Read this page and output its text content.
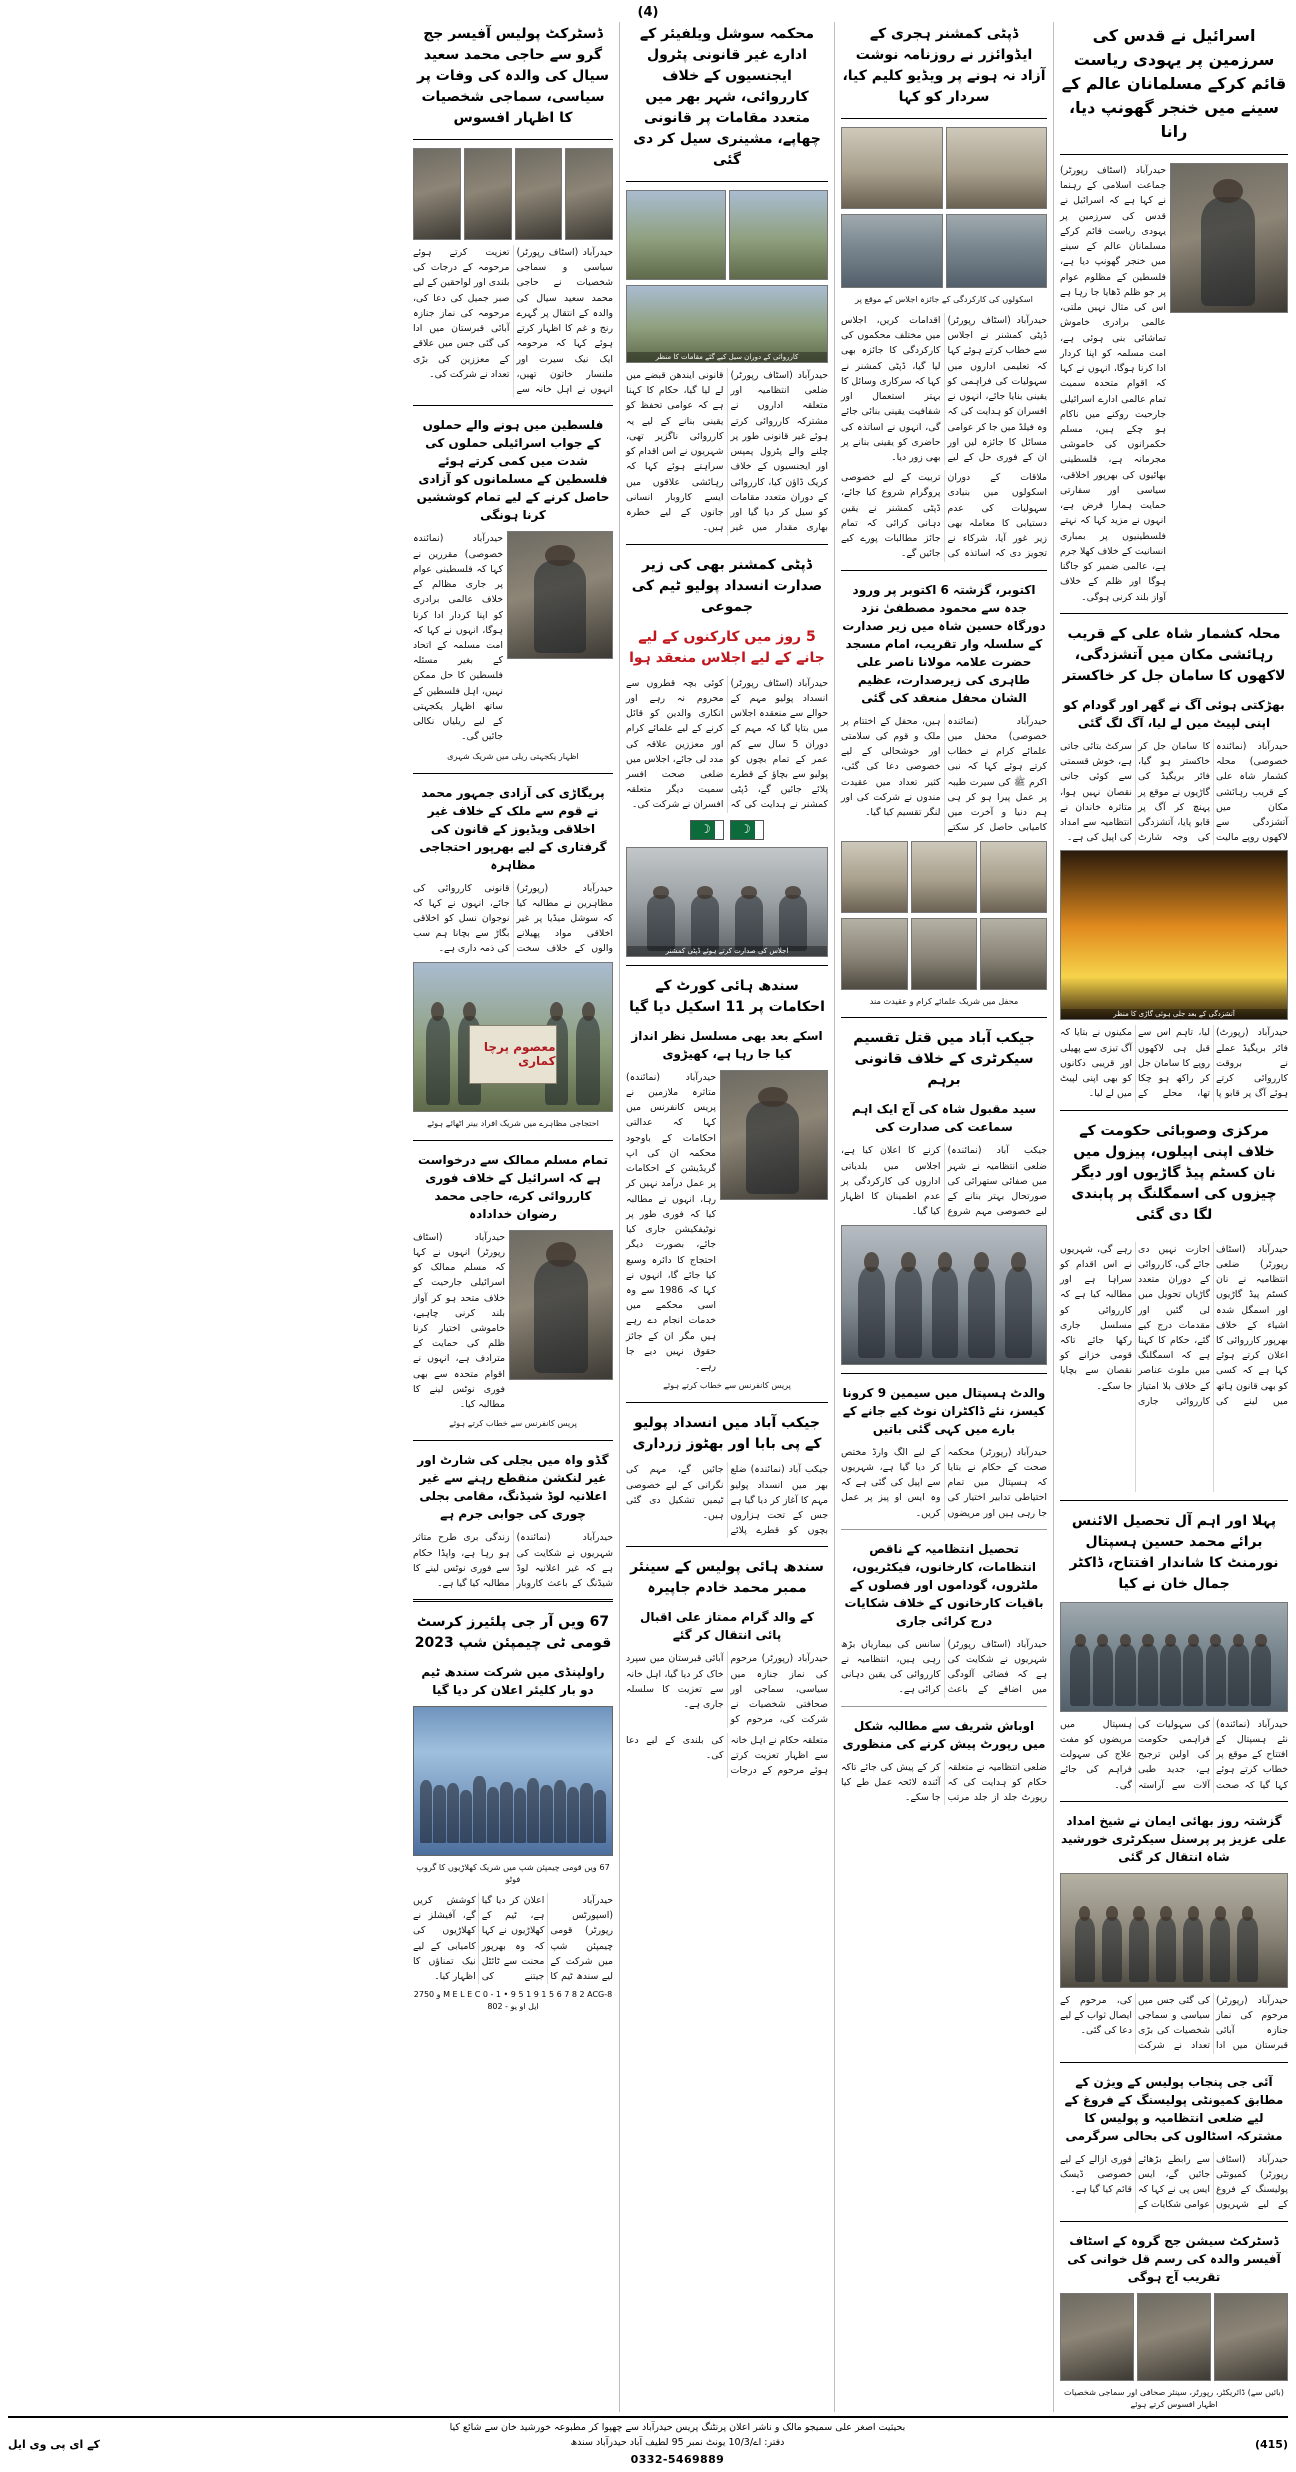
(4)
اسرائیل نے قدس کی سرزمین پر یہودی ریاست قائم کرکے مسلمانان عالم کے سینے میں خنجر گھونپ دیا، رانا
حیدرآباد (اسٹاف رپورٹر) جماعت اسلامی کے رہنما نے کہا ہے کہ اسرائیل نے قدس کی سرزمین پر یہودی ریاست قائم کرکے مسلمانان عالم کے سینے میں خنجر گھونپ دیا ہے، فلسطین کے مظلوم عوام پر جو ظلم ڈھایا جا رہا ہے اس کی مثال نہیں ملتی، عالمی برادری خاموش تماشائی بنی ہوئی ہے، امت مسلمہ کو اپنا کردار ادا کرنا ہوگا، انہوں نے کہا کہ اقوام متحدہ سمیت تمام عالمی ادارے اسرائیلی جارحیت روکنے میں ناکام ہو چکے ہیں، مسلم حکمرانوں کی خاموشی مجرمانہ ہے، فلسطینی بھائیوں کی بھرپور اخلاقی، سیاسی اور سفارتی حمایت ہمارا فرض ہے، انہوں نے مزید کہا کہ نہتے فلسطینیوں پر بمباری انسانیت کے خلاف کھلا جرم ہے، عالمی ضمیر کو جاگنا ہوگا اور ظلم کے خلاف آواز بلند کرنی ہوگی۔
محلہ کشمار شاہ علی کے قریب رہائشی مکان میں آتشزدگی، لاکھوں کا سامان جل کر خاکستر
بھڑکتی ہوئی آگ نے گھر اور گودام کو اپنی لپیٹ میں لے لیا، آگ لگ گئی
حیدرآباد (نمائندہ خصوصی) محلہ کشمار شاہ علی کے قریب رہائشی مکان میں آتشزدگی سے لاکھوں روپے مالیت کا سامان جل کر خاکستر ہو گیا، فائر بریگیڈ کی گاڑیوں نے موقع پر پہنچ کر آگ پر قابو پایا، آتشزدگی کی وجہ شارٹ سرکٹ بتائی جاتی ہے، خوش قسمتی سے کوئی جانی نقصان نہیں ہوا، متاثرہ خاندان نے انتظامیہ سے امداد کی اپیل کی ہے۔
آتشزدگی کے بعد جلی ہوئی گاڑی کا منظر
حیدرآباد (رپورٹ) فائر بریگیڈ عملے نے بروقت کارروائی کرتے ہوئے آگ پر قابو پا لیا، تاہم اس سے قبل ہی لاکھوں روپے کا سامان جل کر راکھ ہو چکا تھا، محلے کے مکینوں نے بتایا کہ آگ تیزی سے پھیلی اور قریبی دکانوں کو بھی اپنی لپیٹ میں لے لیا۔
مرکزی وصوبائی حکومت کے خلاف اپنی اپیلوں، پیزول میں نان کسٹم پیڈ گاڑیوں اور دیگر چیزوں کی اسمگلنگ پر پابندی لگا دی گئی
حیدرآباد (اسٹاف رپورٹر) ضلعی انتظامیہ نے نان کسٹم پیڈ گاڑیوں اور اسمگل شدہ اشیاء کے خلاف بھرپور کارروائی کا اعلان کرتے ہوئے کہا ہے کہ کسی کو بھی قانون ہاتھ میں لینے کی اجازت نہیں دی جائے گی، کارروائی کے دوران متعدد گاڑیاں تحویل میں لی گئیں اور مقدمات درج کیے گئے، حکام کا کہنا ہے کہ اسمگلنگ میں ملوث عناصر کے خلاف بلا امتیاز کارروائی جاری رہے گی، شہریوں نے اس اقدام کو سراہا ہے اور مطالبہ کیا ہے کہ کارروائی کو مسلسل جاری رکھا جائے تاکہ قومی خزانے کو نقصان سے بچایا جا سکے۔
پہلا اور اہم آل تحصیل الائنس برائے محمد حسین ہسپتال نورمنٹ کا شاندار افتتاح، ڈاکٹر جمال خان نے کیا
حیدرآباد (نمائندہ) نئے ہسپتال کے افتتاح کے موقع پر خطاب کرتے ہوئے کہا گیا کہ صحت کی سہولیات کی فراہمی حکومت کی اولین ترجیح ہے، جدید طبی آلات سے آراستہ ہسپتال میں مریضوں کو مفت علاج کی سہولت فراہم کی جائے گی۔
گزشتہ روز بھائی ایمان نے شیخ امداد علی عزیز پر پرسنل سیکرٹری خورشید شاہ انتقال کر گئی
حیدرآباد (رپورٹر) مرحوم کی نماز جنازہ آبائی قبرستان میں ادا کی گئی جس میں سیاسی و سماجی شخصیات کی بڑی تعداد نے شرکت کی، مرحوم کے ایصال ثواب کے لیے دعا کی گئی۔
آئی جی پنجاب پولیس کے ویژن کے مطابق کمیونٹی پولیسنگ کے فروغ کے لیے ضلعی انتظامیہ و پولیس کا مشترکہ اسٹالوں کی بحالی سرگرمی
حیدرآباد (اسٹاف رپورٹر) کمیونٹی پولیسنگ کے فروغ کے لیے شہریوں سے رابطے بڑھائے جائیں گے، ایس ایس پی نے کہا کہ عوامی شکایات کے فوری ازالے کے لیے خصوصی ڈیسک قائم کیا گیا ہے۔
ڈسٹرکٹ سیشن جج گروہ کے اسٹاف آفیسر والدہ کی رسم قل خوانی کی تقریب آج ہوگی
(بائیں سے) ڈائریکٹر، رپورٹر، سینئر صحافی اور سماجی شخصیات اظہار افسوس کرتے ہوئے
ڈپٹی کمشنر ہجری کے ایڈوائزر نے روزنامہ نوشت آزاد نہ ہونے پر ویڈیو کلیم کیا، سردار کو کہا
اسکولوں کی کارکردگی کے جائزہ اجلاس کے موقع پر
حیدرآباد (اسٹاف رپورٹر) ڈپٹی کمشنر نے اجلاس سے خطاب کرتے ہوئے کہا کہ تعلیمی اداروں میں سہولیات کی فراہمی کو یقینی بنایا جائے، انہوں نے افسران کو ہدایت کی کہ وہ فیلڈ میں جا کر عوامی مسائل کا جائزہ لیں اور ان کے فوری حل کے لیے اقدامات کریں، اجلاس میں مختلف محکموں کی کارکردگی کا جائزہ بھی لیا گیا، ڈپٹی کمشنر نے کہا کہ سرکاری وسائل کا بہتر استعمال اور شفافیت یقینی بنائی جائے گی، انہوں نے اساتذہ کی حاضری کو یقینی بنانے پر بھی زور دیا۔
ملاقات کے دوران اسکولوں میں بنیادی سہولیات کی عدم دستیابی کا معاملہ بھی زیر غور آیا، شرکاء نے تجویز دی کہ اساتذہ کی تربیت کے لیے خصوصی پروگرام شروع کیا جائے، ڈپٹی کمشنر نے یقین دہانی کرائی کہ تمام جائز مطالبات پورے کیے جائیں گے۔
اکتوبر، گزشتہ 6 اکتوبر پر ورود جدہ سے محمود مصطفیٰ نزد دورگاہ حسین شاہ میں زیر صدارت کے سلسلہ وار تقریب، امام مسجد حضرت علامہ مولانا ناصر علی طاہری کی زیرصدارت، عظیم الشان محفل منعقد کی گئی
حیدرآباد (نمائندہ خصوصی) محفل میں علمائے کرام نے خطاب کرتے ہوئے کہا کہ نبی اکرم ﷺ کی سیرت طیبہ پر عمل پیرا ہو کر ہی ہم دنیا و آخرت میں کامیابی حاصل کر سکتے ہیں، محفل کے اختتام پر ملک و قوم کی سلامتی اور خوشحالی کے لیے خصوصی دعا کی گئی، کثیر تعداد میں عقیدت مندوں نے شرکت کی اور لنگر تقسیم کیا گیا۔
محفل میں شریک علمائے کرام و عقیدت مند
جیکب آباد میں قتل تقسیم سیکرٹری کے خلاف قانونی برہم
سید مقبول شاہ کی آج ایک اہم سماعت کی صدارت کی
جیکب آباد (نمائندہ) ضلعی انتظامیہ نے شہر میں صفائی ستھرائی کی صورتحال بہتر بنانے کے لیے خصوصی مہم شروع کرنے کا اعلان کیا ہے، اجلاس میں بلدیاتی اداروں کی کارکردگی پر عدم اطمینان کا اظہار کیا گیا۔
والدٹ ہسپتال میں سیمین 9 کرونا کیسز، نئے ڈاکٹران نوٹ کیے جانے کے بارے میں کہی گئی باتیں
حیدرآباد (رپورٹر) محکمہ صحت کے حکام نے بتایا کہ ہسپتال میں تمام احتیاطی تدابیر اختیار کی جا رہی ہیں اور مریضوں کے لیے الگ وارڈ مختص کر دیا گیا ہے، شہریوں سے اپیل کی گئی ہے کہ وہ ایس او پیز پر عمل کریں۔
تحصیل انتظامیہ کے ناقص انتظامات، کارخانوں، فیکٹریوں، ملٹروں، گوداموں اور فصلوں کے باقیات کارخانوں کے خلاف شکایات درج کرائی جاری
حیدرآباد (اسٹاف رپورٹر) شہریوں نے شکایت کی ہے کہ فضائی آلودگی میں اضافے کے باعث سانس کی بیماریاں بڑھ رہی ہیں، انتظامیہ نے کارروائی کی یقین دہانی کرائی ہے۔
اوباش شریف سے مطالبہ شکل میں رپورٹ پیش کرنے کی منظوری
ضلعی انتظامیہ نے متعلقہ حکام کو ہدایت کی کہ رپورٹ جلد از جلد مرتب کر کے پیش کی جائے تاکہ آئندہ لائحہ عمل طے کیا جا سکے۔
محکمہ سوشل ویلفیئر کے ادارے غیر قانونی پٹرول ایجنسیوں کے خلاف کارروائی، شہر بھر میں متعدد مقامات پر قانونی چھاپے، مشینری سیل کر دی گئی
کارروائی کے دوران سیل کیے گئے مقامات کا منظر
حیدرآباد (اسٹاف رپورٹر) ضلعی انتظامیہ اور متعلقہ اداروں نے مشترکہ کارروائی کرتے ہوئے غیر قانونی طور پر چلنے والے پٹرول پمپس اور ایجنسیوں کے خلاف کریک ڈاؤن کیا، کارروائی کے دوران متعدد مقامات کو سیل کر دیا گیا اور بھاری مقدار میں غیر قانونی ایندھن قبضے میں لے لیا گیا، حکام کا کہنا ہے کہ عوامی تحفظ کو یقینی بنانے کے لیے یہ کارروائی ناگزیر تھی، شہریوں نے اس اقدام کو سراہتے ہوئے کہا کہ رہائشی علاقوں میں ایسے کاروبار انسانی جانوں کے لیے خطرہ ہیں۔
ڈپٹی کمشنر بھی کی زیر صدارت انسداد پولیو ٹیم کی جموعی
5 روز میں کارکنوں کے لیے جانے کے لیے اجلاس منعقد ہوا
حیدرآباد (اسٹاف رپورٹر) انسداد پولیو مہم کے حوالے سے منعقدہ اجلاس میں بتایا گیا کہ مہم کے دوران 5 سال سے کم عمر کے تمام بچوں کو پولیو سے بچاؤ کے قطرے پلائے جائیں گے، ڈپٹی کمشنر نے ہدایت کی کہ کوئی بچہ قطروں سے محروم نہ رہے اور انکاری والدین کو قائل کرنے کے لیے علمائے کرام اور معززین علاقہ کی مدد لی جائے، اجلاس میں ضلعی صحت افسر سمیت دیگر متعلقہ افسران نے شرکت کی۔
☽
☽
اجلاس کی صدارت کرتے ہوئے ڈپٹی کمشنر
سندھ ہائی کورٹ کے احکامات پر 11 اسکیل دیا گیا
اسکے بعد بھی مسلسل نظر انداز کیا جا رہا ہے، کھیڑوی
حیدرآباد (نمائندہ) متاثرہ ملازمین نے پریس کانفرنس میں کہا کہ عدالتی احکامات کے باوجود محکمہ ان کی اپ گریڈیشن کے احکامات پر عمل درآمد نہیں کر رہا، انہوں نے مطالبہ کیا کہ فوری طور پر نوٹیفکیشن جاری کیا جائے، بصورت دیگر احتجاج کا دائرہ وسیع کیا جائے گا، انہوں نے کہا کہ 1986 سے وہ اسی محکمے میں خدمات انجام دے رہے ہیں مگر ان کے جائز حقوق نہیں دیے جا رہے۔
پریس کانفرنس سے خطاب کرتے ہوئے
جیکب آباد میں انسداد پولیو کے پی بابا اور بھٹوز زرداری
جیکب آباد (نمائندہ) ضلع بھر میں انسداد پولیو مہم کا آغاز کر دیا گیا ہے جس کے تحت ہزاروں بچوں کو قطرے پلائے جائیں گے، مہم کی نگرانی کے لیے خصوصی ٹیمیں تشکیل دی گئی ہیں۔
سندھ ہائی پولیس کے سینئر ممبر محمد خادم جاپیرہ
کے والد گرام ممتاز علی اقبال پائی انتقال کر گئے
حیدرآباد (رپورٹر) مرحوم کی نماز جنازہ میں سیاسی، سماجی اور صحافتی شخصیات نے شرکت کی، مرحوم کو آبائی قبرستان میں سپرد خاک کر دیا گیا، اہل خانہ سے تعزیت کا سلسلہ جاری ہے۔
متعلقہ حکام نے اہل خانہ سے اظہار تعزیت کرتے ہوئے مرحوم کے درجات کی بلندی کے لیے دعا کی۔
ڈسٹرکٹ پولیس آفیسر جج گرو سے حاجی محمد سعید سیال کی والدہ کی وفات پر سیاسی، سماجی شخصیات کا اظہار افسوس
حیدرآباد (اسٹاف رپورٹر) سیاسی و سماجی شخصیات نے حاجی محمد سعید سیال کی والدہ کے انتقال پر گہرے رنج و غم کا اظہار کرتے ہوئے کہا کہ مرحومہ ایک نیک سیرت اور ملنسار خاتون تھیں، انہوں نے اہل خانہ سے تعزیت کرتے ہوئے مرحومہ کے درجات کی بلندی اور لواحقین کے لیے صبر جمیل کی دعا کی، مرحومہ کی نماز جنازہ آبائی قبرستان میں ادا کی گئی جس میں علاقے کے معززین کی بڑی تعداد نے شرکت کی۔
فلسطین میں ہونے والے حملوں کے جواب اسرائیلی حملوں کی شدت میں کمی کرتے ہوئے فلسطین کے مسلمانوں کو آزادی حاصل کرنے کے لیے تمام کوششیں کرنا ہونگی
حیدرآباد (نمائندہ خصوصی) مقررین نے کہا کہ فلسطینی عوام پر جاری مظالم کے خلاف عالمی برادری کو اپنا کردار ادا کرنا ہوگا، انہوں نے کہا کہ امت مسلمہ کے اتحاد کے بغیر مسئلہ فلسطین کا حل ممکن نہیں، اہل فلسطین کے ساتھ اظہار یکجہتی کے لیے ریلیاں نکالی جائیں گی۔
اظہار یکجہتی ریلی میں شریک شہری
پریگاڑی کی آزادی جمہور محمد نے قوم سے ملک کے خلاف غیر اخلاقی ویڈیوز کے قانون کی گرفتاری کے لیے بھرپور احتجاجی مظاہرہ
حیدرآباد (رپورٹر) مظاہرین نے مطالبہ کیا کہ سوشل میڈیا پر غیر اخلاقی مواد پھیلانے والوں کے خلاف سخت قانونی کارروائی کی جائے، انہوں نے کہا کہ نوجوان نسل کو اخلاقی بگاڑ سے بچانا ہم سب کی ذمہ داری ہے۔
معصوم پرچا کماری
احتجاجی مظاہرے میں شریک افراد بینر اٹھائے ہوئے
تمام مسلم ممالک سے درخواست ہے کہ اسرائیل کے خلاف فوری کارروائی کرے، حاجی محمد رضوان خدادادہ
حیدرآباد (اسٹاف رپورٹر) انہوں نے کہا کہ مسلم ممالک کو اسرائیلی جارحیت کے خلاف متحد ہو کر آواز بلند کرنی چاہیے، خاموشی اختیار کرنا ظلم کی حمایت کے مترادف ہے، انہوں نے اقوام متحدہ سے بھی فوری نوٹس لینے کا مطالبہ کیا۔
پریس کانفرنس سے خطاب کرتے ہوئے
گڈو واہ میں بجلی کی شارٹ اور غیر لنکشن منقطع رہنے سے غیر اعلانیہ لوڈ شیڈنگ، مقامی بجلی چوری کی جوابی جرم ہے
حیدرآباد (نمائندہ) شہریوں نے شکایت کی ہے کہ غیر اعلانیہ لوڈ شیڈنگ کے باعث کاروبار زندگی بری طرح متاثر ہو رہا ہے، واپڈا حکام سے فوری نوٹس لینے کا مطالبہ کیا گیا ہے۔
67 ویں آر جی پلئیرز کرسٹ قومی ٹی چیمپئن شپ 2023
راولپنڈی میں شرکت سندھ ٹیم دو بار کلیئر اعلان کر دیا گیا
67 ویں قومی چیمپئن شپ میں شریک کھلاڑیوں کا گروپ فوٹو
حیدرآباد (اسپورٹس رپورٹر) قومی چیمپئن شپ میں شرکت کے لیے سندھ ٹیم کا اعلان کر دیا گیا ہے، ٹیم کے کھلاڑیوں نے کہا کہ وہ بھرپور محنت سے ٹائٹل جیتنے کی کوشش کریں گے، آفیشلز نے کھلاڑیوں کی کامیابی کے لیے نیک تمناؤں کا اظہار کیا۔
M E L E C 0 - 1 • 9 5 1 9 1 5 6 7 8 2 ACG-8 و 2750 ایل او یو - 802
(415)
بحیثیت اصغر علی سمیجو مالک و ناشر اعلان پرنٹنگ پریس حیدرآباد سے چھپوا کر مطبوعہ خورشید خان سے شائع کیا
دفتر: اے/10/3 یونٹ نمبر 95 لطیف آباد حیدرآباد سندھ
0332-5469889
کے ای پی وی ایل
